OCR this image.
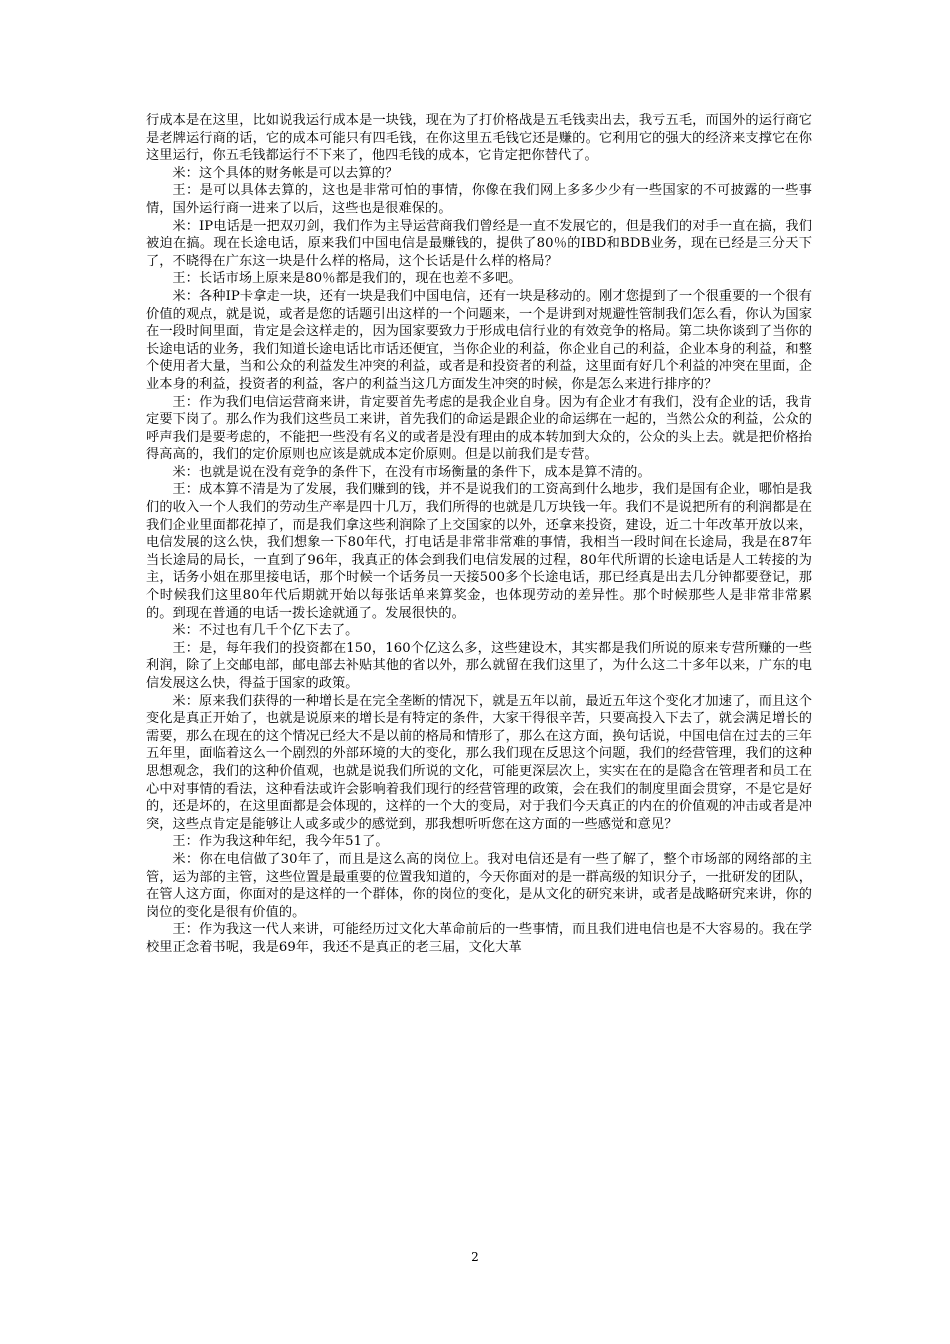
行成本是在这里，比如说我运行成本是一块钱，现在为了打价格战是五毛钱卖出去，我亏五毛，而国外的运行商它是老牌运行商的话，它的成本可能只有四毛钱，在你这里五毛钱它还是赚的。它利用它的强大的经济来支撑它在你这里运行，你五毛钱都运行不下来了，他四毛钱的成本，它肯定把你替代了。

米：这个具体的财务帐是可以去算的？

王：是可以具体去算的，这也是非常可怕的事情，你像在我们网上多多少少有一些国家的不可披露的一些事情，国外运行商一进来了以后，这些也是很难保的。

米：IP电话是一把双刃剑，我们作为主导运营商我们曾经是一直不发展它的，但是我们的对手一直在搞，我们被迫在搞。现在长途电话，原来我们中国电信是最赚钱的，提供了80％的IBD和BDB业务，现在已经是三分天下了，不晓得在广东这一块是什么样的格局，这个长话是什么样的格局？

王：长话市场上原来是80％都是我们的，现在也差不多吧。

米：各种IP卡拿走一块，还有一块是我们中国电信，还有一块是移动的。刚才您提到了一个很重要的一个很有价值的观点，就是说，或者是您的话题引出这样的一个问题来，一个是讲到对规避性管制我们怎么看，你认为国家在一段时间里面，肯定是会这样走的，因为国家要致力于形成电信行业的有效竞争的格局。第二块你谈到了当你的长途电话的业务，我们知道长途电话比市话还便宜，当你企业的利益，你企业自己的利益，企业本身的利益，和整个使用者大量，当和公众的利益发生冲突的利益，或者是和投资者的利益，这里面有好几个利益的冲突在里面，企业本身的利益，投资者的利益，客户的利益当这几方面发生冲突的时候，你是怎么来进行排序的？

王：作为我们电信运营商来讲，肯定要首先考虑的是我企业自身。因为有企业才有我们，没有企业的话，我肯定要下岗了。那么作为我们这些员工来讲，首先我们的命运是跟企业的命运绑在一起的，当然公众的利益，公众的呼声我们是要考虑的，不能把一些没有名义的或者是没有理由的成本转加到大众的，公众的头上去。就是把价格抬得高高的，我们的定价原则也应该是就成本定价原则。但是以前我们是专营。

米：也就是说在没有竞争的条件下，在没有市场衡量的条件下，成本是算不清的。

王：成本算不清是为了发展，我们赚到的钱，并不是说我们的工资高到什么地步，我们是国有企业，哪怕是我们的收入一个人我们的劳动生产率是四十几万，我们所得的也就是几万块钱一年。我们不是说把所有的利润都是在我们企业里面都花掉了，而是我们拿这些利润除了上交国家的以外，还拿来投资，建设，近二十年改革开放以来，电信发展的这么快，我们想象一下80年代，打电话是非常非常难的事情，我相当一段时间在长途局，我是在87年当长途局的局长，一直到了96年，我真正的体会到我们电信发展的过程，80年代所谓的长途电话是人工转接的为主，话务小姐在那里接电话，那个时候一个话务员一天接500多个长途电话，那已经真是出去几分钟都要登记，那个时候我们这里80年代后期就开始以每张话单来算奖金，也体现劳动的差异性。那个时候那些人是非常非常累的。到现在普通的电话一拨长途就通了。发展很快的。

米：不过也有几千个亿下去了。

王：是，每年我们的投资都在150，160个亿这么多，这些建设木，其实都是我们所说的原来专营所赚的一些利润，除了上交邮电部，邮电部去补贴其他的省以外，那么就留在我们这里了，为什么这二十多年以来，广东的电信发展这么快，得益于国家的政策。

米：原来我们获得的一种增长是在完全垄断的情况下，就是五年以前，最近五年这个变化才加速了，而且这个变化是真正开始了，也就是说原来的增长是有特定的条件，大家干得很辛苦，只要高投入下去了，就会满足增长的需要，那么在现在的这个情况已经大不是以前的格局和情形了，那么在这方面，换句话说，中国电信在过去的三年五年里，面临着这么一个剧烈的外部环境的大的变化，那么我们现在反思这个问题，我们的经营管理，我们的这种思想观念，我们的这种价值观，也就是说我们所说的文化，可能更深层次上，实实在在的是隐含在管理者和员工在心中对事情的看法，这种看法或许会影响着我们现行的经营管理的政策，会在我们的制度里面会贯穿，不是它是好的，还是坏的，在这里面都是会体现的，这样的一个大的变局，对于我们今天真正的内在的价值观的冲击或者是冲突，这些点肯定是能够让人或多或少的感觉到，那我想听听您在这方面的一些感觉和意见？

王：作为我这种年纪，我今年51了。

米：你在电信做了30年了，而且是这么高的岗位上。我对电信还是有一些了解了，整个市场部的网络部的主管，运为部的主管，这些位置是最重要的位置我知道的，今天你面对的是一群高级的知识分子，一批研发的团队，在管人这方面，你面对的是这样的一个群体，你的岗位的变化，是从文化的研究来讲，或者是战略研究来讲，你的岗位的变化是很有价值的。

王：作为我这一代人来讲，可能经历过文化大革命前后的一些事情，而且我们进电信也是不大容易的。我在学校里正念着书呢，我是69年，我还不是真正的老三届，文化大革

2
